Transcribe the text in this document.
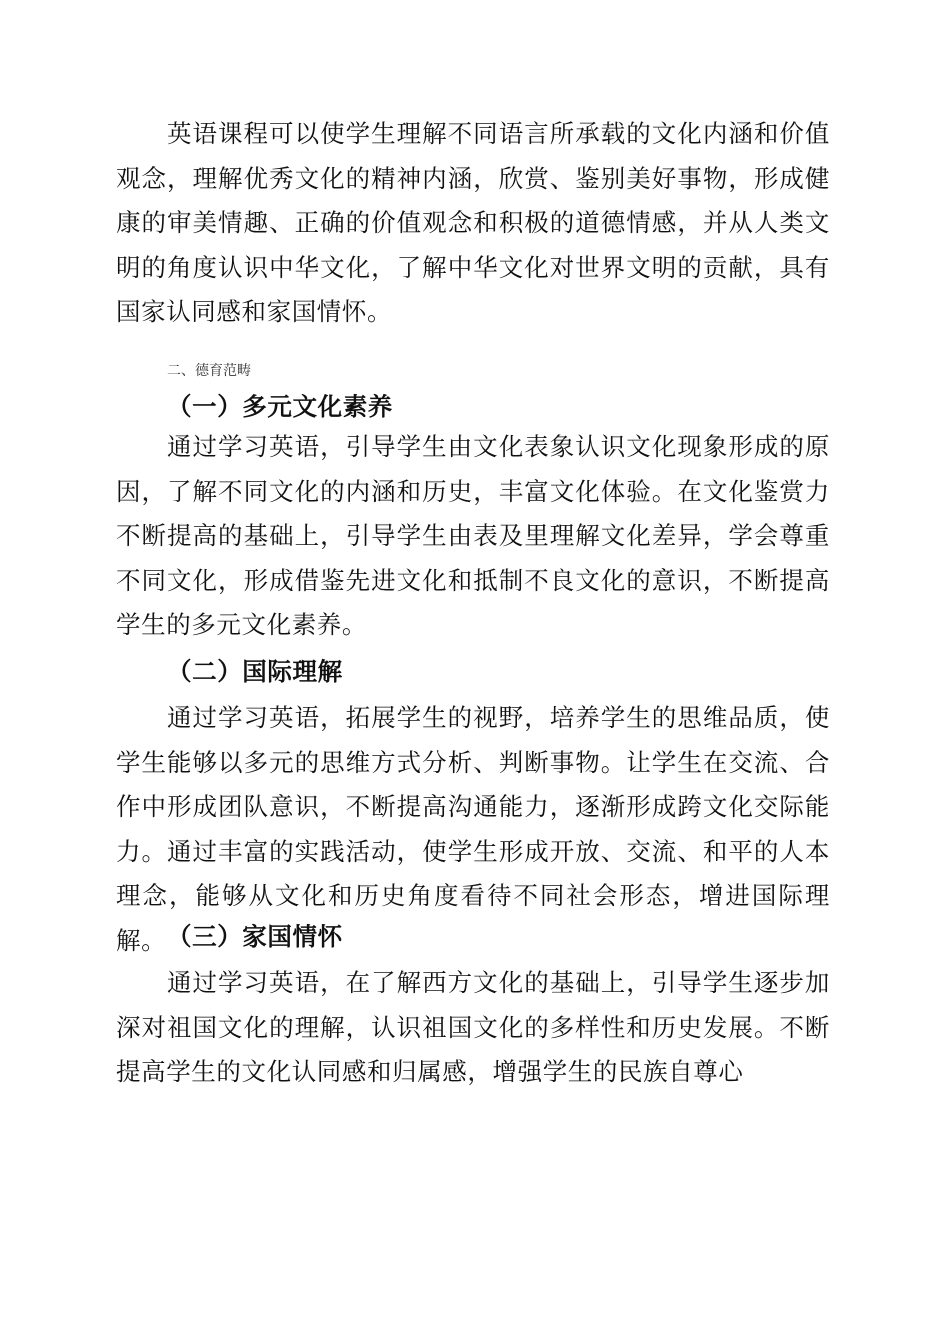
英语课程可以使学生理解不同语言所承载的文化内涵和价值观念，理解优秀文化的精神内涵，欣赏、鉴别美好事物，形成健康的审美情趣、正确的价值观念和积极的道德情感，并从人类文明的角度认识中华文化，了解中华文化对世界文明的贡献，具有国家认同感和家国情怀。

二、德育范畴

（一）多元文化素养

通过学习英语，引导学生由文化表象认识文化现象形成的原因，了解不同文化的内涵和历史，丰富文化体验。在文化鉴赏力不断提高的基础上，引导学生由表及里理解文化差异，学会尊重不同文化，形成借鉴先进文化和抵制不良文化的意识，不断提高学生的多元文化素养。

（二）国际理解

通过学习英语，拓展学生的视野，培养学生的思维品质，使学生能够以多元的思维方式分析、判断事物。让学生在交流、合作中形成团队意识，不断提高沟通能力，逐渐形成跨文化交际能力。通过丰富的实践活动，使学生形成开放、交流、和平的人本理念，能够从文化和历史角度看待不同社会形态，增进国际理解。 （三）家国情怀

通过学习英语，在了解西方文化的基础上，引导学生逐步加深对祖国文化的理解，认识祖国文化的多样性和历史发展。不断提高学生的文化认同感和归属感，增强学生的民族自尊心
